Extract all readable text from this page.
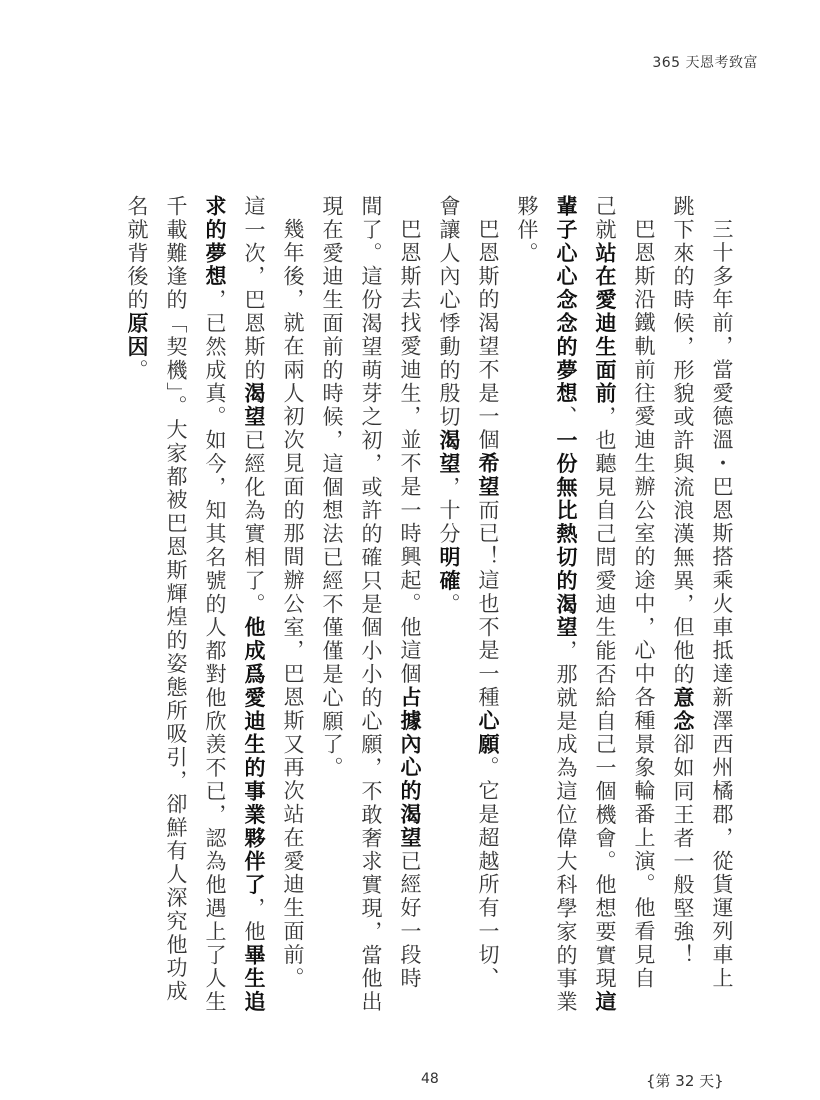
365 天恩考致富
三十多年前，當愛德溫・巴恩斯搭乘火車抵達新澤西州橘郡，從貨運列車上
跳下來的時候，形貌或許與流浪漢無異，但他的意念卻如同王者一般堅強！
巴恩斯沿鐵軌前往愛迪生辦公室的途中，心中各種景象輪番上演。他看見自
己就站在愛迪生面前，也聽見自己問愛迪生能否給自己一個機會。他想要實現這
輩子心心念念的夢想、一份無比熱切的渴望，那就是成為這位偉大科學家的事業
夥伴。
巴恩斯的渴望不是一個希望而已！這也不是一種心願。它是超越所有一切、
會讓人內心悸動的殷切渴望，十分明確。
巴恩斯去找愛迪生，並不是一時興起。他這個占據內心的渴望已經好一段時
間了。這份渴望萌芽之初，或許的確只是個小小的心願，不敢奢求實現，當他出
現在愛迪生面前的時候，這個想法已經不僅僅是心願了。
幾年後，就在兩人初次見面的那間辦公室，巴恩斯又再次站在愛迪生面前。
這一次，巴恩斯的渴望已經化為實相了。他成爲愛迪生的事業夥伴了，他畢生追
求的夢想，已然成真。如今，知其名號的人都對他欣羡不已，認為他遇上了人生
千載難逢的「契機」。大家都被巴恩斯輝煌的姿態所吸引，卻鮮有人深究他功成
名就背後的原因。
48	{第 32 天}
